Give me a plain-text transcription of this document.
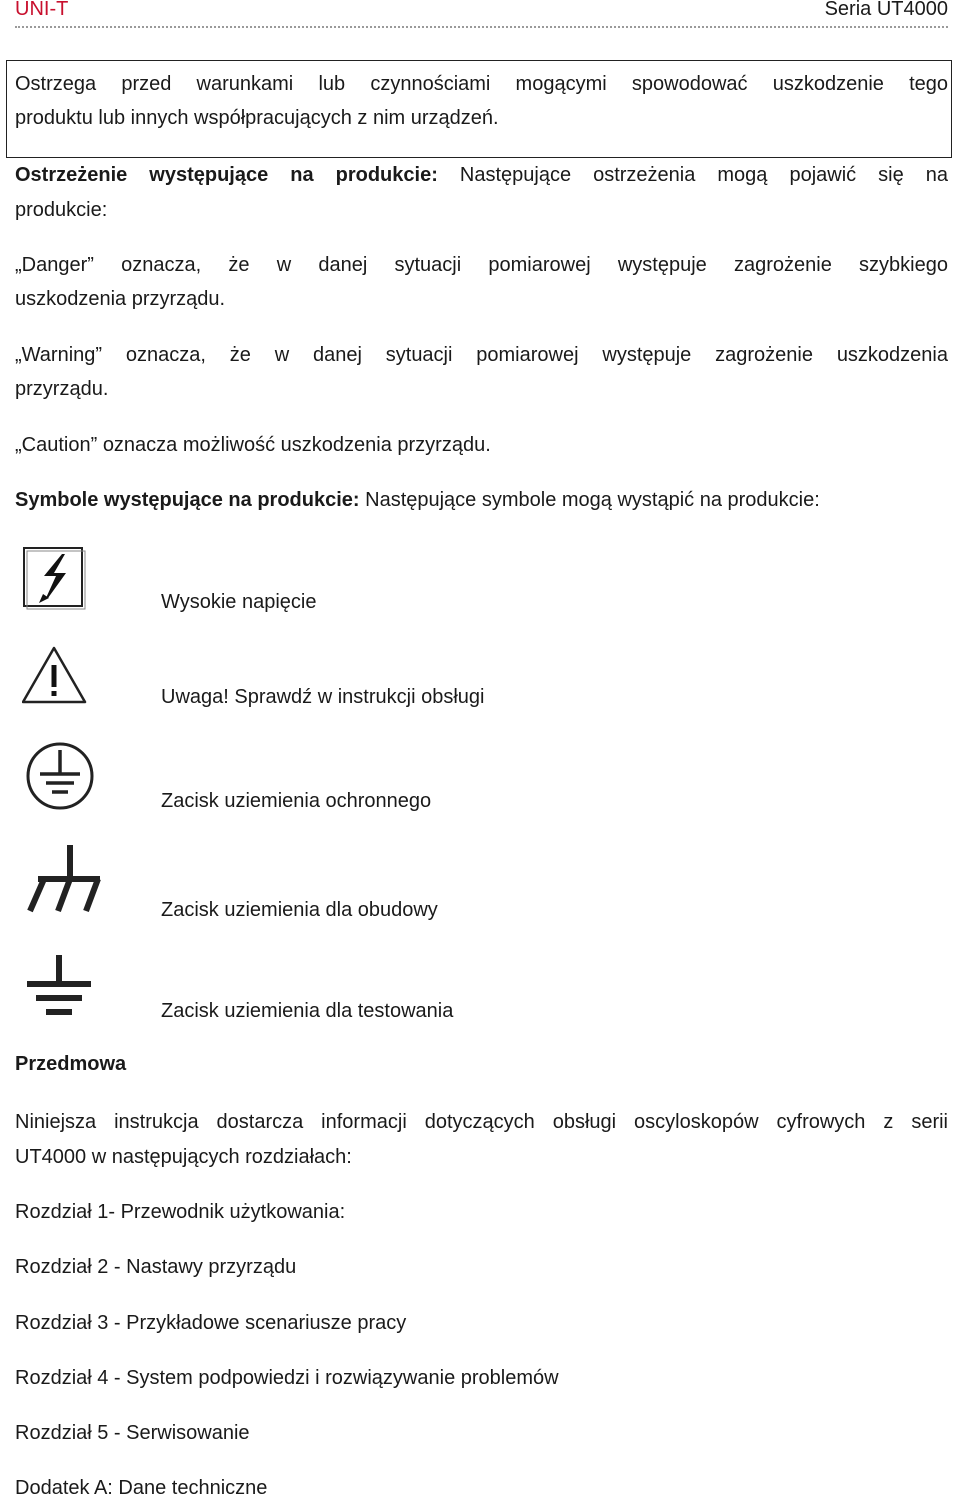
UNI-T	Seria UT4000
Ostrzega przed warunkami lub czynnościami mogącymi spowodować uszkodzenie tego
produktu lub innych współpracujących z nim urządzeń.
Ostrzeżenie występujące na produkcie: Następujące ostrzeżenia mogą pojawić się na
produkcie:
„Danger” oznacza, że w danej sytuacji pomiarowej występuje zagrożenie szybkiego
uszkodzenia przyrządu.
„Warning” oznacza, że w danej sytuacji pomiarowej występuje zagrożenie uszkodzenia
przyrządu.
„Caution” oznacza możliwość uszkodzenia przyrządu.
Symbole występujące na produkcie: Następujące symbole mogą wystąpić na produkcie:
Wysokie napięcie
Uwaga! Sprawdź w instrukcji obsługi
Zacisk uziemienia ochronnego
Zacisk uziemienia dla obudowy
Zacisk uziemienia dla testowania
Przedmowa
Niniejsza instrukcja dostarcza informacji dotyczących obsługi oscyloskopów cyfrowych z serii
UT4000 w następujących rozdziałach:
Rozdział 1- Przewodnik użytkowania:
Rozdział 2 - Nastawy przyrządu
Rozdział 3 - Przykładowe scenariusze pracy
Rozdział 4 - System podpowiedzi i rozwiązywanie problemów
Rozdział 5 - Serwisowanie
Dodatek A: Dane techniczne
